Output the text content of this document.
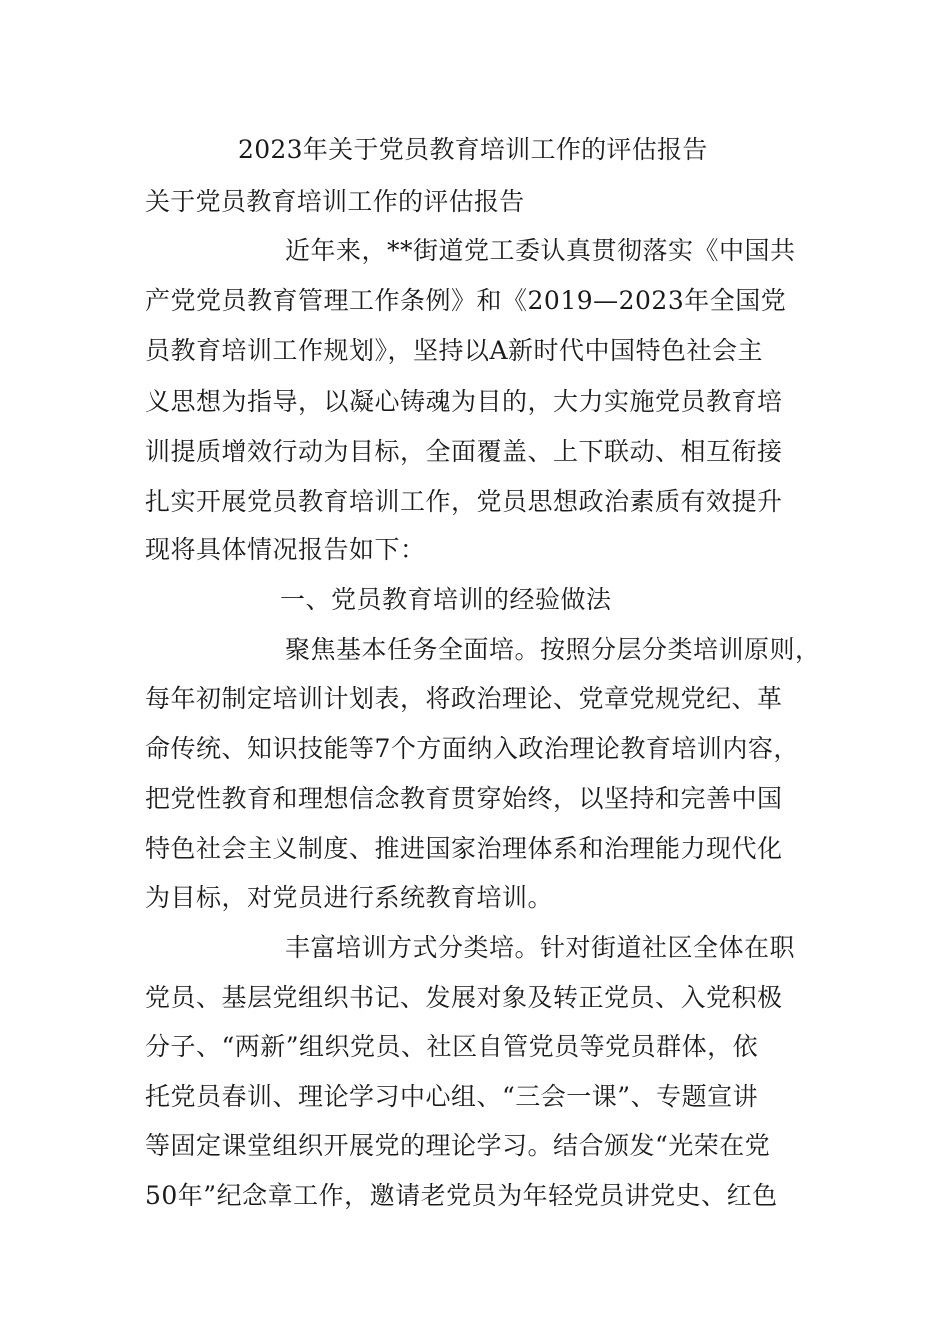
2023年关于党员教育培训工作的评估报告
关于党员教育培训工作的评估报告
近年来，**街道党工委认真贯彻落实《中国共
产党党员教育管理工作条例》和《2019—2023年全国党
员教育培训工作规划》，坚持以A新时代中国特色社会主
义思想为指导，以凝心铸魂为目的，大力实施党员教育培
训提质增效行动为目标，全面覆盖、上下联动、相互衔接
扎实开展党员教育培训工作，党员思想政治素质有效提升
现将具体情况报告如下：
一、党员教育培训的经验做法
聚焦基本任务全面培。按照分层分类培训原则，
每年初制定培训计划表，将政治理论、党章党规党纪、革
命传统、知识技能等7个方面纳入政治理论教育培训内容，
把党性教育和理想信念教育贯穿始终，以坚持和完善中国
特色社会主义制度、推进国家治理体系和治理能力现代化
为目标，对党员进行系统教育培训。
丰富培训方式分类培。针对街道社区全体在职
党员、基层党组织书记、发展对象及转正党员、入党积极
分子、“两新”组织党员、社区自管党员等党员群体，依
托党员春训、理论学习中心组、“三会一课”、专题宣讲
等固定课堂组织开展党的理论学习。结合颁发“光荣在党
50年”纪念章工作，邀请老党员为年轻党员讲党史、红色
